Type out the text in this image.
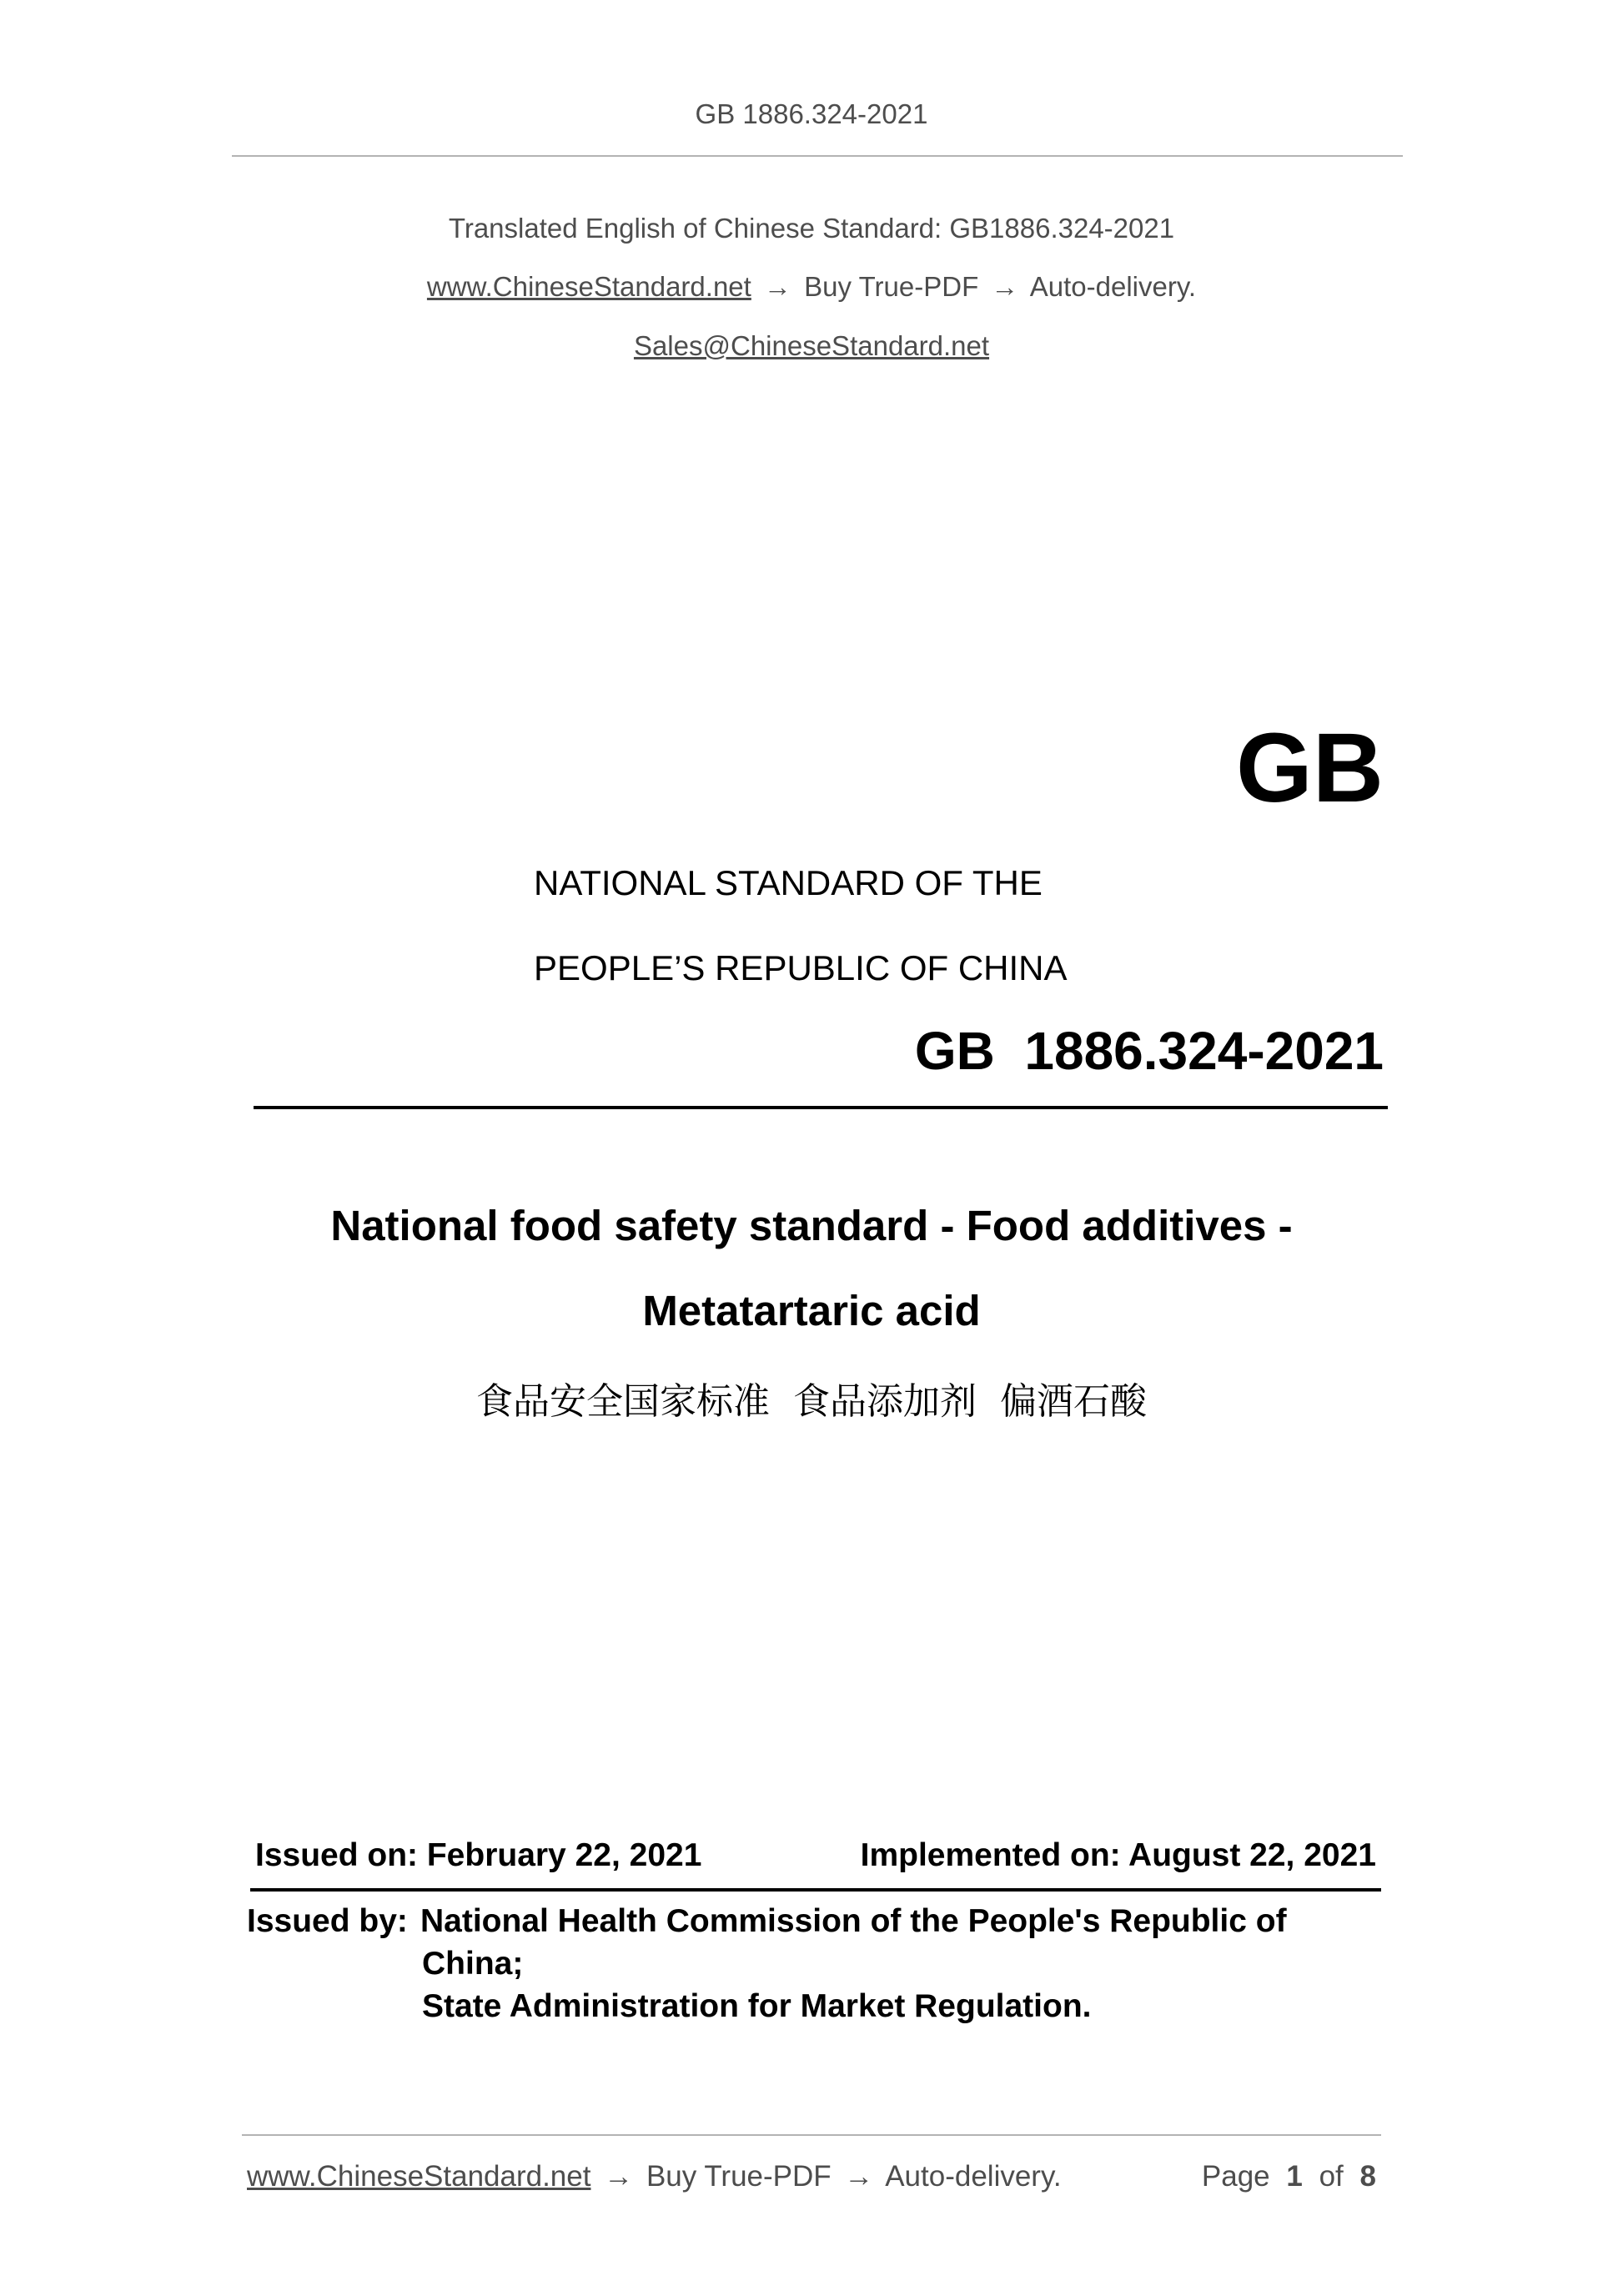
GB 1886.324-2021
Translated English of Chinese Standard: GB1886.324-2021
www.ChineseStandard.net → Buy True-PDF → Auto-delivery.
Sales@ChineseStandard.net
GB
NATIONAL STANDARD OF THE
PEOPLE’S REPUBLIC OF CHINA
GB  1886.324-2021
National food safety standard - Food additives -
Metatartaric acid
食品安全国家标准  食品添加剂  偏酒石酸
Issued on: February 22, 2021	Implemented on: August 22, 2021
Issued by: National Health Commission of the People's Republic of
China;
State Administration for Market Regulation.
www.ChineseStandard.net → Buy True-PDF → Auto-delivery.	Page 1 of 8
